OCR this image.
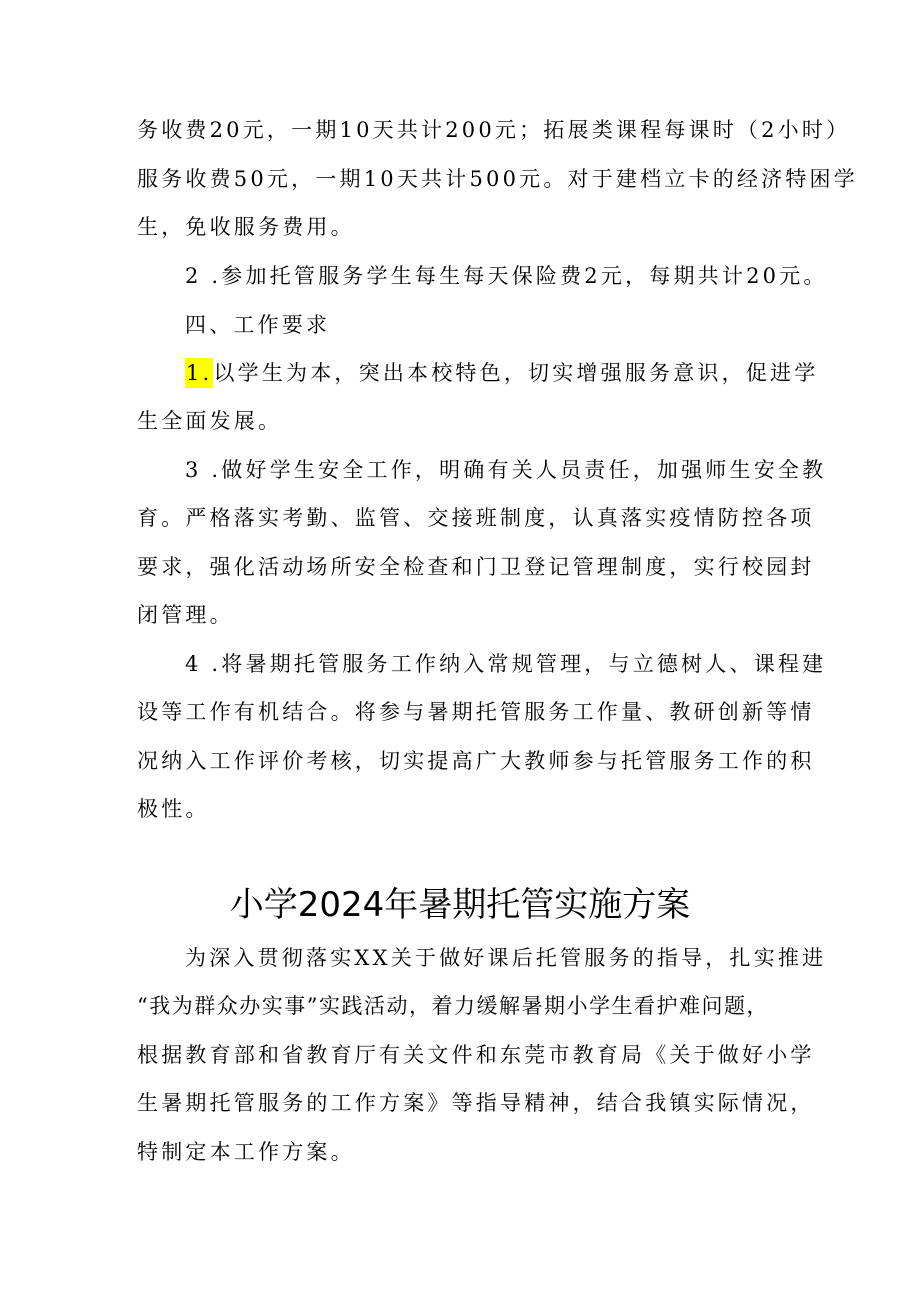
务收费20元，一期10天共计200元；拓展类课程每课时（2小时）
服务收费50元，一期10天共计500元。对于建档立卡的经济特困学
生，免收服务费用。
2 .参加托管服务学生每生每天保险费2元，每期共计20元。
四、工作要求
1.以学生为本，突出本校特色，切实增强服务意识，促进学
生全面发展。
3 .做好学生安全工作，明确有关人员责任，加强师生安全教
育。严格落实考勤、监管、交接班制度，认真落实疫情防控各项
要求，强化活动场所安全检查和门卫登记管理制度，实行校园封
闭管理。
4 .将暑期托管服务工作纳入常规管理，与立德树人、课程建
设等工作有机结合。将参与暑期托管服务工作量、教研创新等情
况纳入工作评价考核，切实提高广大教师参与托管服务工作的积
极性。
小学2024年暑期托管实施方案
为深入贯彻落实XX关于做好课后托管服务的指导，扎实推进
“我为群众办实事”实践活动，着力缓解暑期小学生看护难问题，
根据教育部和省教育厅有关文件和东莞市教育局《关于做好小学
生暑期托管服务的工作方案》等指导精神，结合我镇实际情况，
特制定本工作方案。
